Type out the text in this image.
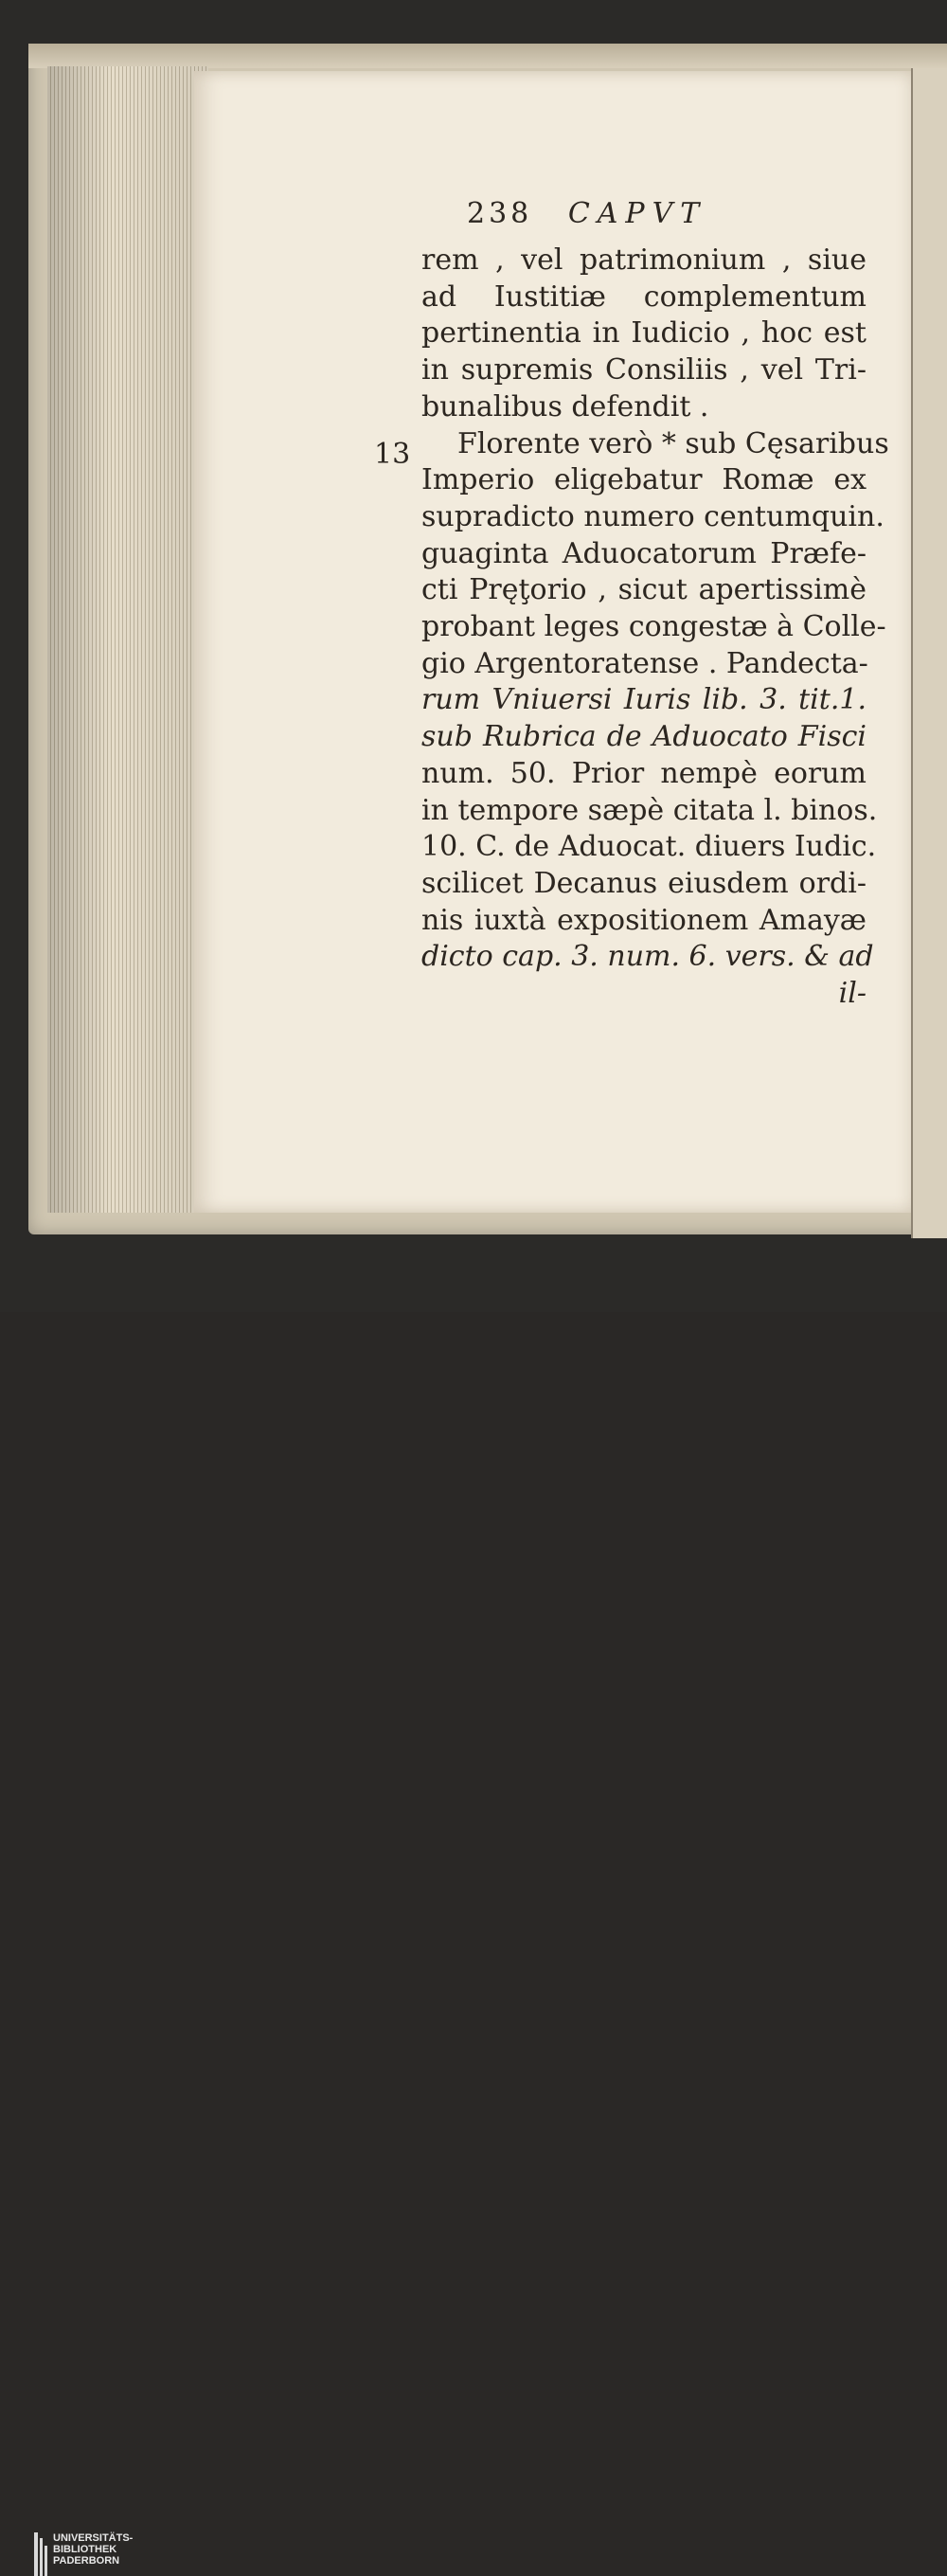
238 CAPVT
rem , vel patrimonium , siue
ad Iustitiæ complementum
pertinentia in Iudicio , hoc est
in supremis Consiliis , vel Tri-
bunalibus defendit .
Florente verò * sub Cęsaribus
Imperio eligebatur Romæ ex
supradicto numero centumquin.
guaginta Aduocatorum Præfe-
cti Pręţorio , sicut apertissimè
probant leges congestæ à Colle-
gio Argentoratense . Pandecta-
rum Vniuersi Iuris lib. 3. tit.1.
sub Rubrica de Aduocato Fisci
num. 50. Prior nempè eorum
in tempore sæpè citata l. binos.
10. C. de Aduocat. diuers Iudic.
scilicet Decanus eiusdem ordi-
nis iuxtà expositionem Amayæ
dicto cap. 3. num. 6. vers. & ad
il-
13
UNIVERSITÄTS-
BIBLIOTHEK
PADERBORN
